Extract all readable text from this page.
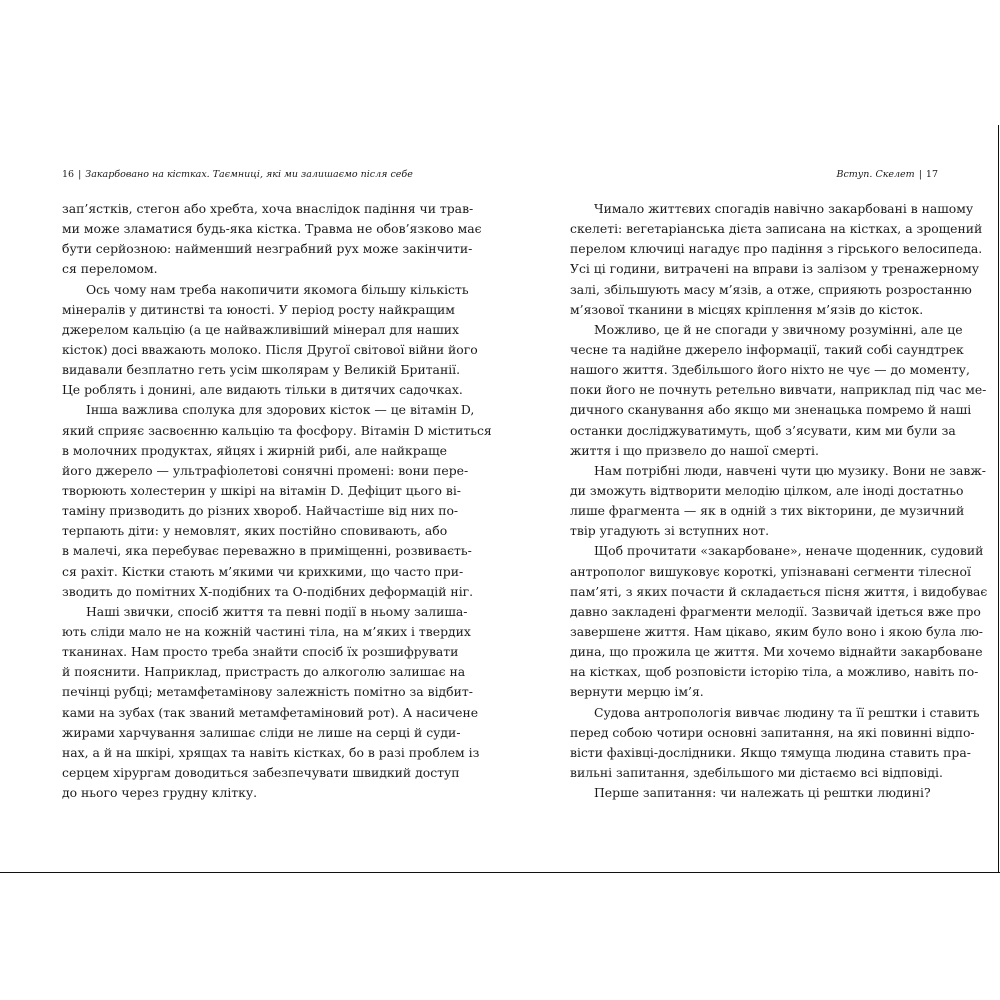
16 | Закарбовано на кістках. Таємниці, які ми залишаємо після себе
зап’ястків, стегон або хребта, хоча внаслідок падіння чи трав-
ми може зламатися будь-яка кістка. Травма не обов’язково має
бути серйозною: найменший незграбний рух може закінчити-
ся переломом.
Ось чому нам треба накопичити якомога більшу кількість
мінералів у дитинстві та юності. У період росту найкращим
джерелом кальцію (а це найважливіший мінерал для наших
кісток) досі вважають молоко. Після Другої світової війни його
видавали безплатно геть усім школярам у Великій Британії.
Це роблять і донині, але видають тільки в дитячих садочках.
Інша важлива сполука для здорових кісток — це вітамін D,
який сприяє засвоєнню кальцію та фосфору. Вітамін D міститься
в молочних продуктах, яйцях і жирній рибі, але найкраще
його джерело — ультрафіолетові сонячні промені: вони пере-
творюють холестерин у шкірі на вітамін D. Дефіцит цього ві-
таміну призводить до різних хвороб. Найчастіше від них по-
терпають діти: у немовлят, яких постійно сповивають, або
в малечі, яка перебуває переважно в приміщенні, розвиваєть-
ся рахіт. Кістки стають м’якими чи крихкими, що часто при-
зводить до помітних Х-подібних та О-подібних деформацій ніг.
Наші звички, спосіб життя та певні події в ньому залиша-
ють сліди мало не на кожній частині тіла, на м’яких і твердих
тканинах. Нам просто треба знайти спосіб їх розшифрувати
й пояснити. Наприклад, пристрасть до алкоголю залишає на
печінці рубці; метамфетамінову залежність помітно за відбит-
ками на зубах (так званий метамфетаміновий рот). А насичене
жирами харчування залишає сліди не лише на серці й суди-
нах, а й на шкірі, хрящах та навіть кістках, бо в разі проблем із
серцем хірургам доводиться забезпечувати швидкий доступ
до нього через грудну клітку.
Вступ. Скелет | 17
Чимало життєвих спогадів навічно закарбовані в нашому
скелеті: вегетаріанська дієта записана на кістках, а зрощений
перелом ключиці нагадує про падіння з гірського велосипеда.
Усі ці години, витрачені на вправи із залізом у тренажерному
залі, збільшують масу м’язів, а отже, сприяють розростанню
м’язової тканини в місцях кріплення м’язів до кісток.
Можливо, це й не спогади у звичному розумінні, але це
чесне та надійне джерело інформації, такий собі саундтрек
нашого життя. Здебільшого його ніхто не чує — до моменту,
поки його не почнуть ретельно вивчати, наприклад під час ме-
дичного сканування або якщо ми зненацька помремо й наші
останки досліджуватимуть, щоб з’ясувати, ким ми були за
життя і що призвело до нашої смерті.
Нам потрібні люди, навчені чути цю музику. Вони не завж-
ди зможуть відтворити мелодію цілком, але іноді достатньо
лише фрагмента — як в одній з тих вікторини, де музичний
твір угадують зі вступних нот.
Щоб прочитати «закарбоване», неначе щоденник, судовий
антрополог вишуковує короткі, упізнавані сегменти тілесної
пам’яті, з яких почасти й складається пісня життя, і видобуває
давно закладені фрагменти мелодії. Зазвичай ідеться вже про
завершене життя. Нам цікаво, яким було воно і якою була лю-
дина, що прожила це життя. Ми хочемо віднайти закарбоване
на кістках, щоб розповісти історію тіла, а можливо, навіть по-
вернути мерцю ім’я.
Судова антропологія вивчає людину та її рештки і ставить
перед собою чотири основні запитання, на які повинні відпо-
вісти фахівці-дослідники. Якщо тямуща людина ставить пра-
вильні запитання, здебільшого ми дістаємо всі відповіді.
Перше запитання: чи належать ці рештки людині?
